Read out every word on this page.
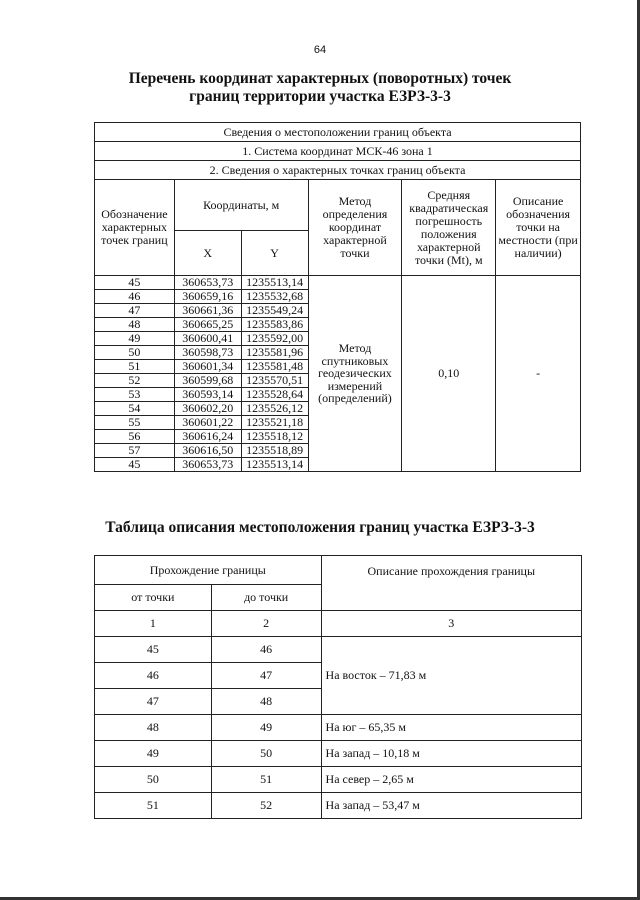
64
Перечень координат характерных (поворотных) точек
границ территории участка ЕЗРЗ-3-3
Сведения о местоположении границ объекта					
1. Система координат МСК-46 зона 1					
2. Сведения о характерных точках границ объекта					
Обозначение характерных точек границ	Координаты, м		Метод определения координат характерной точки	Средняя квадратическая погрешность положения характерной точки (Mt), м	Описание обозначения точки на местности (при наличии)
	X	Y			
45	360653,73	1235513,14	Метод спутниковых геодезических измерений (определений)	0,10	-
46	360659,16	1235532,68			
47	360661,36	1235549,24			
48	360665,25	1235583,86			
49	360600,41	1235592,00			
50	360598,73	1235581,96			
51	360601,34	1235581,48			
52	360599,68	1235570,51			
53	360593,14	1235528,64			
54	360602,20	1235526,12			
55	360601,22	1235521,18			
56	360616,24	1235518,12			
57	360616,50	1235518,89			
45	360653,73	1235513,14			
Таблица описания местоположения границ участка ЕЗРЗ-3-3
Прохождение границы		Описание прохождения границы
от точки	до точки	
1	2	3
45	46	На восток – 71,83 м
46	47	
47	48	
48	49	На юг – 65,35 м
49	50	На запад – 10,18 м
50	51	На север – 2,65 м
51	52	На запад – 53,47 м
